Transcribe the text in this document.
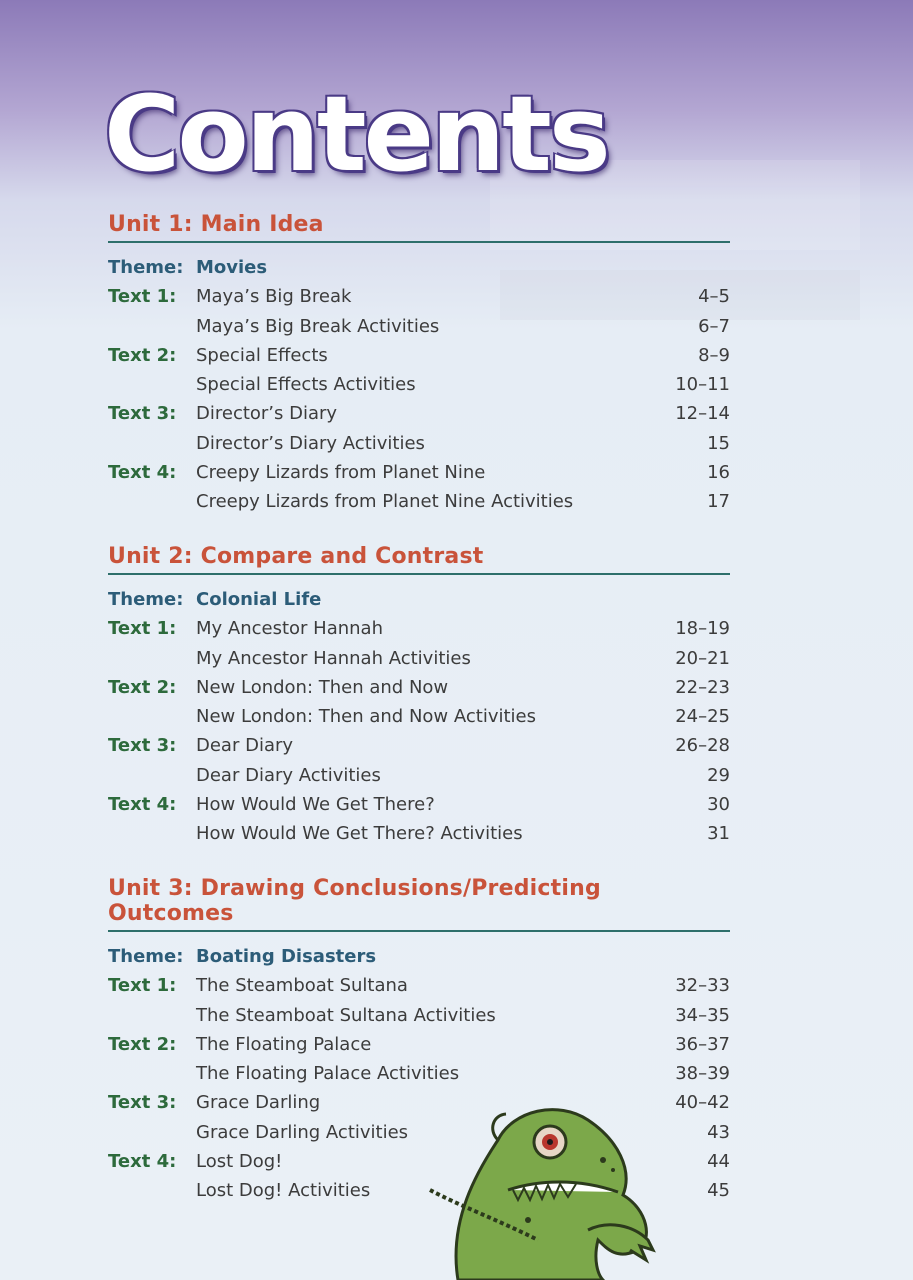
Contents
Unit 1: Main Idea
Theme: Movies
Text 1: Maya’s Big Break	4–5
Maya’s Big Break Activities	6–7
Text 2: Special Effects	8–9
Special Effects Activities	10–11
Text 3: Director’s Diary	12–14
Director’s Diary Activities	15
Text 4: Creepy Lizards from Planet Nine	16
Creepy Lizards from Planet Nine Activities	17
Unit 2: Compare and Contrast
Theme: Colonial Life
Text 1: My Ancestor Hannah	18–19
My Ancestor Hannah Activities	20–21
Text 2: New London: Then and Now	22–23
New London: Then and Now Activities	24–25
Text 3: Dear Diary	26–28
Dear Diary Activities	29
Text 4: How Would We Get There?	30
How Would We Get There? Activities	31
Unit 3: Drawing Conclusions/Predicting Outcomes
Theme: Boating Disasters
Text 1: The Steamboat Sultana	32–33
The Steamboat Sultana Activities	34–35
Text 2: The Floating Palace	36–37
The Floating Palace Activities	38–39
Text 3: Grace Darling	40–42
Grace Darling Activities	43
Text 4: Lost Dog!	44
Lost Dog! Activities	45
